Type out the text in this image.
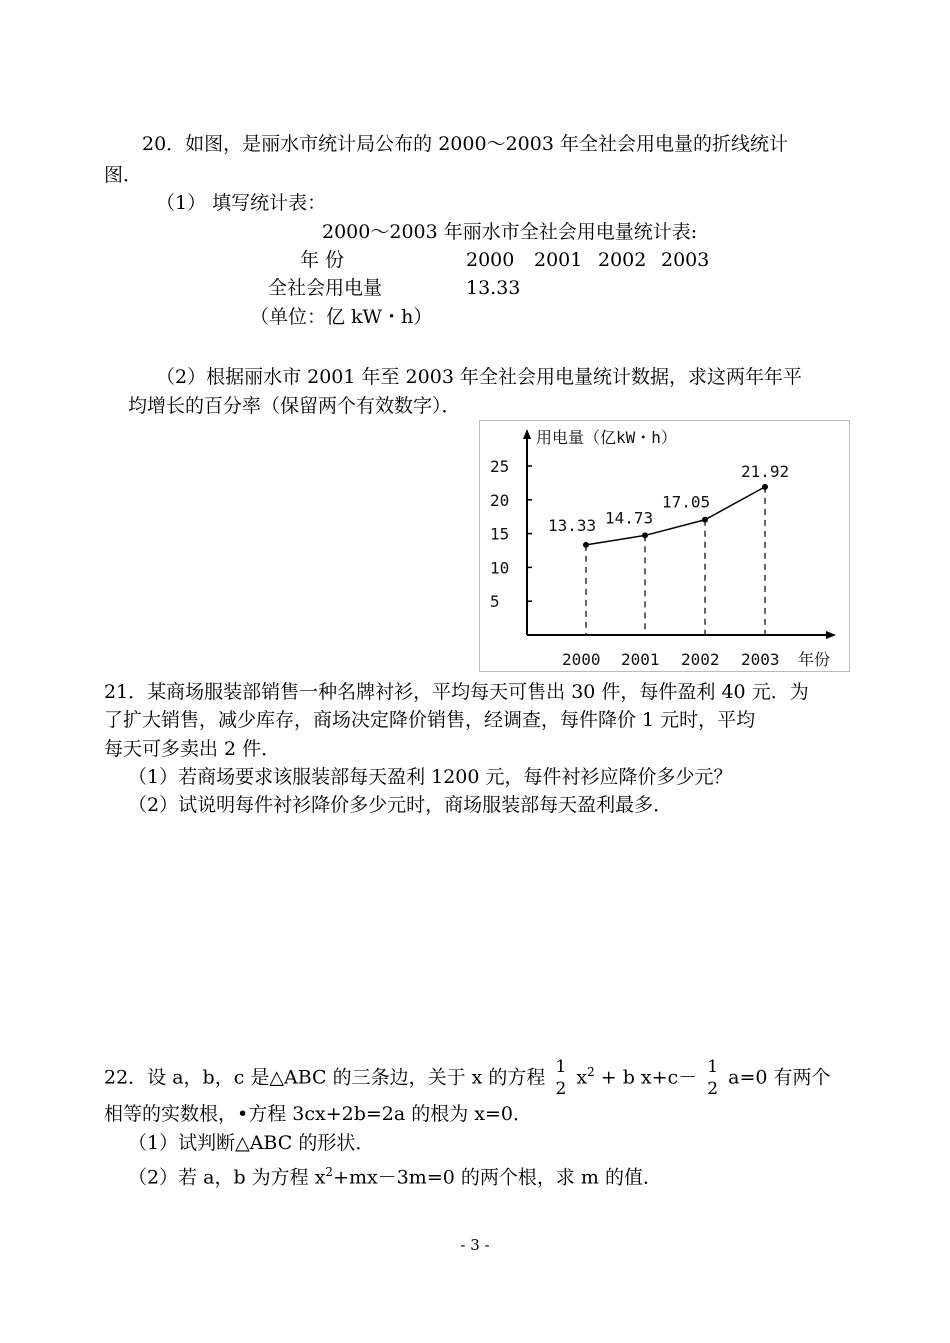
20．如图，是丽水市统计局公布的 2000～2003 年全社会用电量的折线统计
图．
（1） 填写统计表：
2000～2003 年丽水市全社会用电量统计表:
年 份	2000 2001 2002 2003
全社会用电量	13.33
（单位：亿 kW・h）
（2）根据丽水市 2001 年至 2003 年全社会用电量统计数据，求这两年年平
均增长的百分率（保留两个有效数字）．
5
10
15
20
25
2000 2001 2002 2003
13.33 14.73
17.05
21.92
用电量（亿kW・h）
年份
21．某商场服装部销售一种名牌衬衫，平均每天可售出 30 件，每件盈利 40 元．为
了扩大销售，减少库存，商场决定降价销售，经调查，每件降价 1 元时，平均
每天可多卖出 2 件．
（1）若商场要求该服装部每天盈利 1200 元，每件衬衫应降价多少元？
（2）试说明每件衬衫降价多少元时，商场服装部每天盈利最多．
22．设 a，b，c 是△ABC 的三条边，关于 x 的方程 1
2
$x^2 + b$ x+c－ 1
2
a=0 有两个
相等的实数根，•方程 3cx+2b=2a 的根为 x=0．
（1）试判断△ABC 的形状．
（2）若 a，b 为方程 $x^2+mx-3m=0$ 的两个根，求 m 的值．
- 3 -
